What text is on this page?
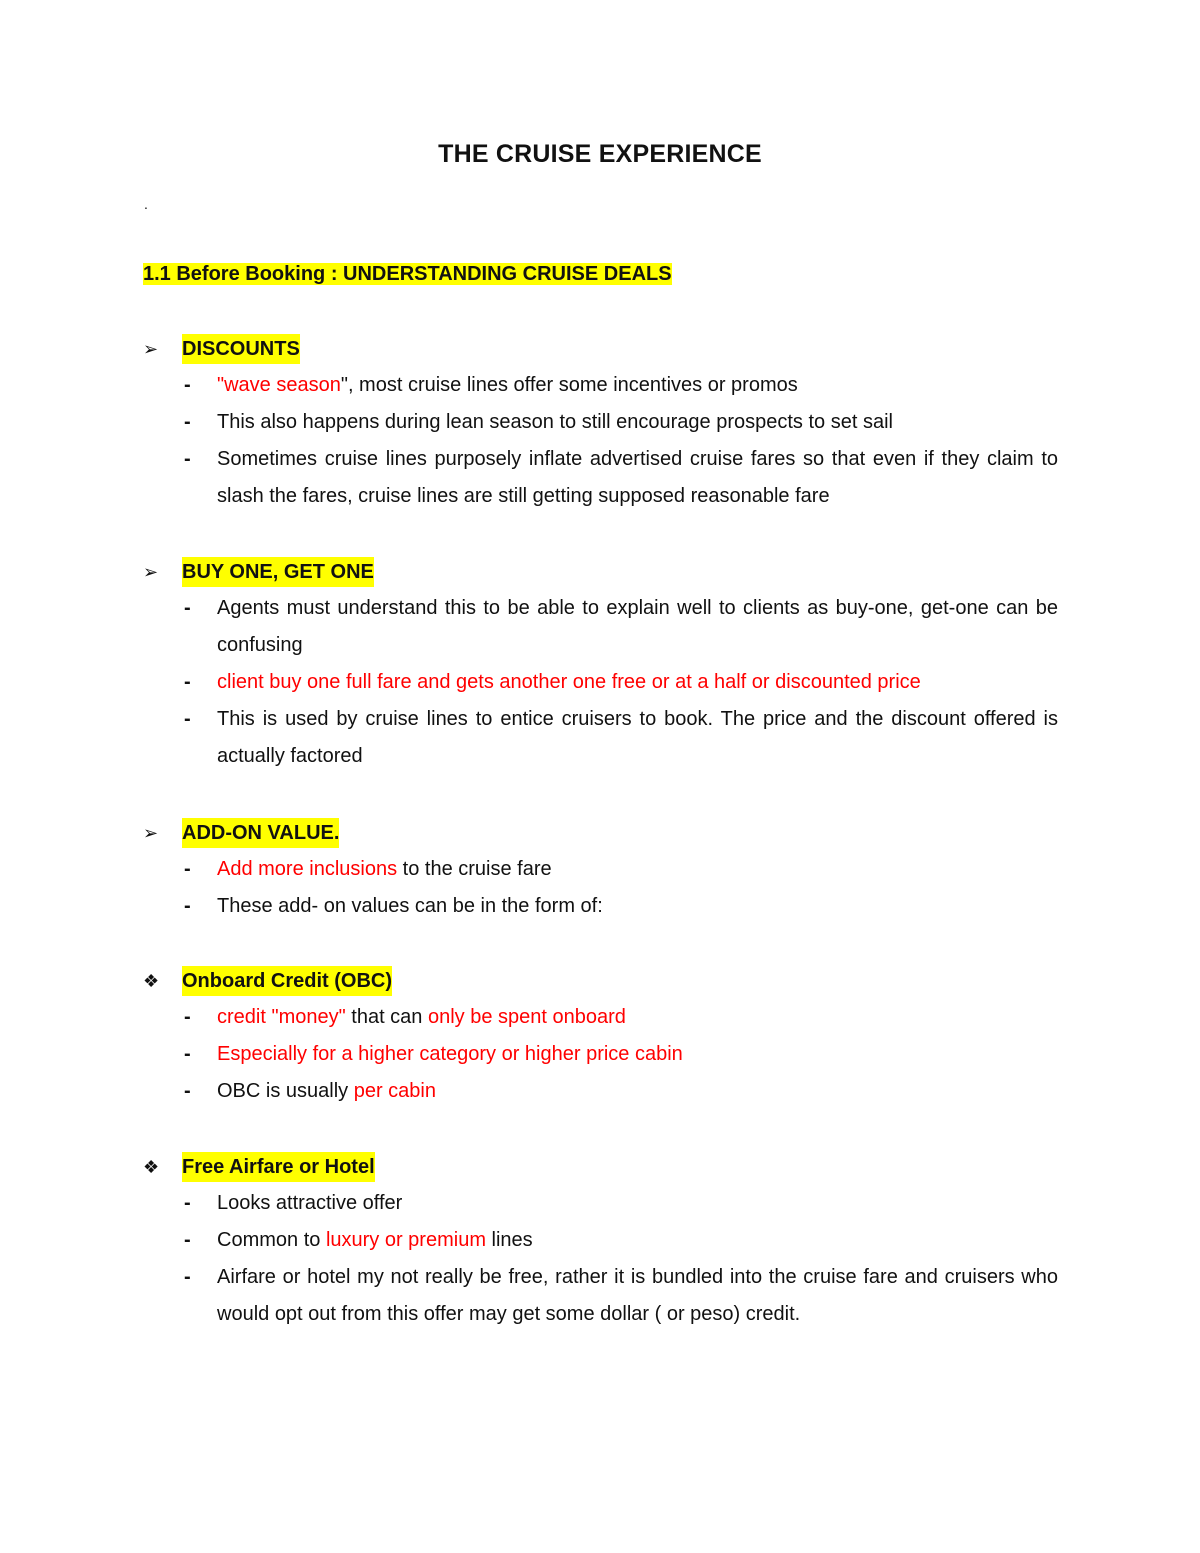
THE CRUISE EXPERIENCE
.
1.1 Before Booking : UNDERSTANDING CRUISE DEALS
➢	DISCOUNTS
-	"wave season", most cruise lines offer some incentives or promos
-	This also happens during lean season to still encourage prospects to set sail
-	Sometimes cruise lines purposely inflate advertised cruise fares so that even if they claim to slash the fares, cruise lines are still getting supposed reasonable fare
➢	BUY ONE, GET ONE
-	Agents must understand this to be able to explain well to clients as buy-one, get-one can be confusing
-	client buy one full fare and gets another one free or at a half or discounted price
-	This is used by cruise lines to entice cruisers to book. The price and the discount offered is actually factored
➢	ADD-ON VALUE.
-	Add more inclusions to the cruise fare
-	These add- on values can be in the form of:
❖	Onboard Credit (OBC)
-	credit "money" that can only be spent onboard
-	Especially for a higher category or higher price cabin
-	OBC is usually per cabin
❖	Free Airfare or Hotel
-	Looks attractive offer
-	Common to luxury or premium lines
-	Airfare or hotel my not really be free, rather it is bundled into the cruise fare and cruisers who would opt out from this offer may get some dollar ( or peso) credit.
